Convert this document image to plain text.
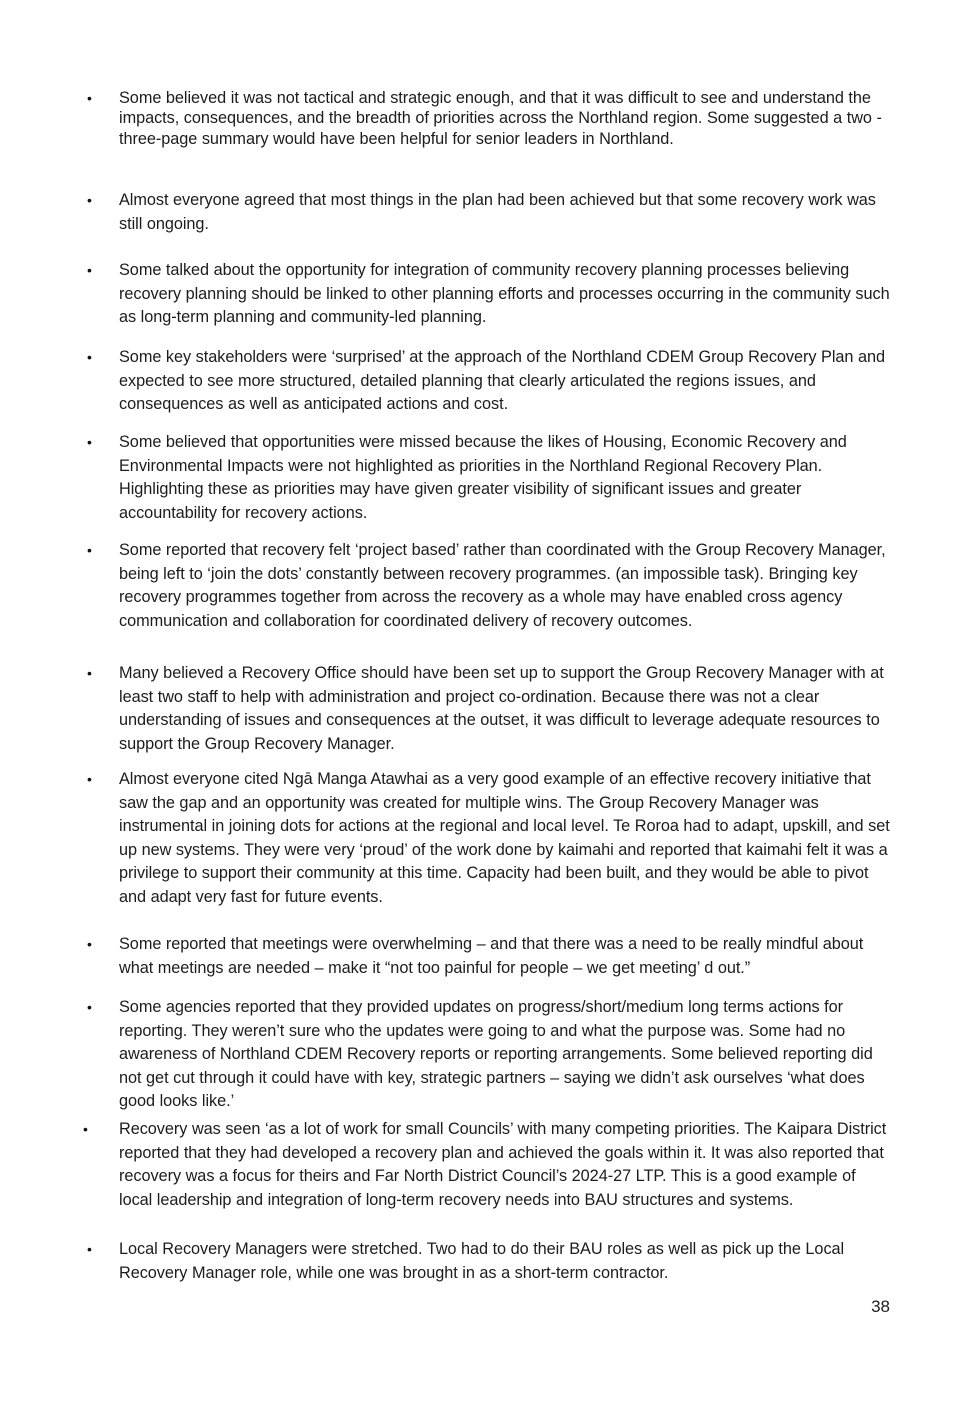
•	Some believed it was not tactical and strategic enough, and that it was difficult to see and understand the impacts, consequences, and the breadth of priorities across the Northland region. Some suggested a two -three-page summary would have been helpful for senior leaders in Northland.
•	Almost everyone agreed that most things in the plan had been achieved but that some recovery work was still ongoing.
•	Some talked about the opportunity for integration of community recovery planning processes believing recovery planning should be linked to other planning efforts and processes occurring in the community such as long-term planning and community-led planning.
•	Some key stakeholders were ‘surprised’ at the approach of the Northland CDEM Group Recovery Plan and expected to see more structured, detailed planning that clearly articulated the regions issues, and consequences as well as anticipated actions and cost.
•	Some believed that opportunities were missed because the likes of Housing, Economic Recovery and Environmental Impacts were not highlighted as priorities in the Northland Regional Recovery Plan. Highlighting these as priorities may have given greater visibility of significant issues and greater accountability for recovery actions.
•	Some reported that recovery felt ‘project based’ rather than coordinated with the Group Recovery Manager, being left to ‘join the dots’ constantly between recovery programmes. (an impossible task). Bringing key recovery programmes together from across the recovery as a whole may have enabled cross agency communication and collaboration for coordinated delivery of recovery outcomes.
•	Many believed a Recovery Office should have been set up to support the Group Recovery Manager with at least two staff to help with administration and project co-ordination. Because there was not a clear understanding of issues and consequences at the outset, it was difficult to leverage adequate resources to support the Group Recovery Manager.
•	Almost everyone cited Ngā Manga Atawhai as a very good example of an effective recovery initiative that saw the gap and an opportunity was created for multiple wins. The Group Recovery Manager was instrumental in joining dots for actions at the regional and local level. Te Roroa had to adapt, upskill, and set up new systems. They were very ‘proud’ of the work done by kaimahi and reported that kaimahi felt it was a privilege to support their community at this time. Capacity had been built, and they would be able to pivot and adapt very fast for future events.
•	Some reported that meetings were overwhelming – and that there was a need to be really mindful about what meetings are needed – make it “not too painful for people – we get meeting’ d out.”
•	Some agencies reported that they provided updates on progress/short/medium long terms actions for reporting. They weren’t sure who the updates were going to and what the purpose was. Some had no awareness of Northland CDEM Recovery reports or reporting arrangements. Some believed reporting did not get cut through it could have with key, strategic partners – saying we didn’t ask ourselves ‘what does good looks like.’
•	Recovery was seen ‘as a lot of work for small Councils’ with many competing priorities. The Kaipara District reported that they had developed a recovery plan and achieved the goals within it. It was also reported that recovery was a focus for theirs and Far North District Council’s 2024-27 LTP. This is a good example of local leadership and integration of long-term recovery needs into BAU structures and systems.
•	Local Recovery Managers were stretched. Two had to do their BAU roles as well as pick up the Local Recovery Manager role, while one was brought in as a short-term contractor.
38
